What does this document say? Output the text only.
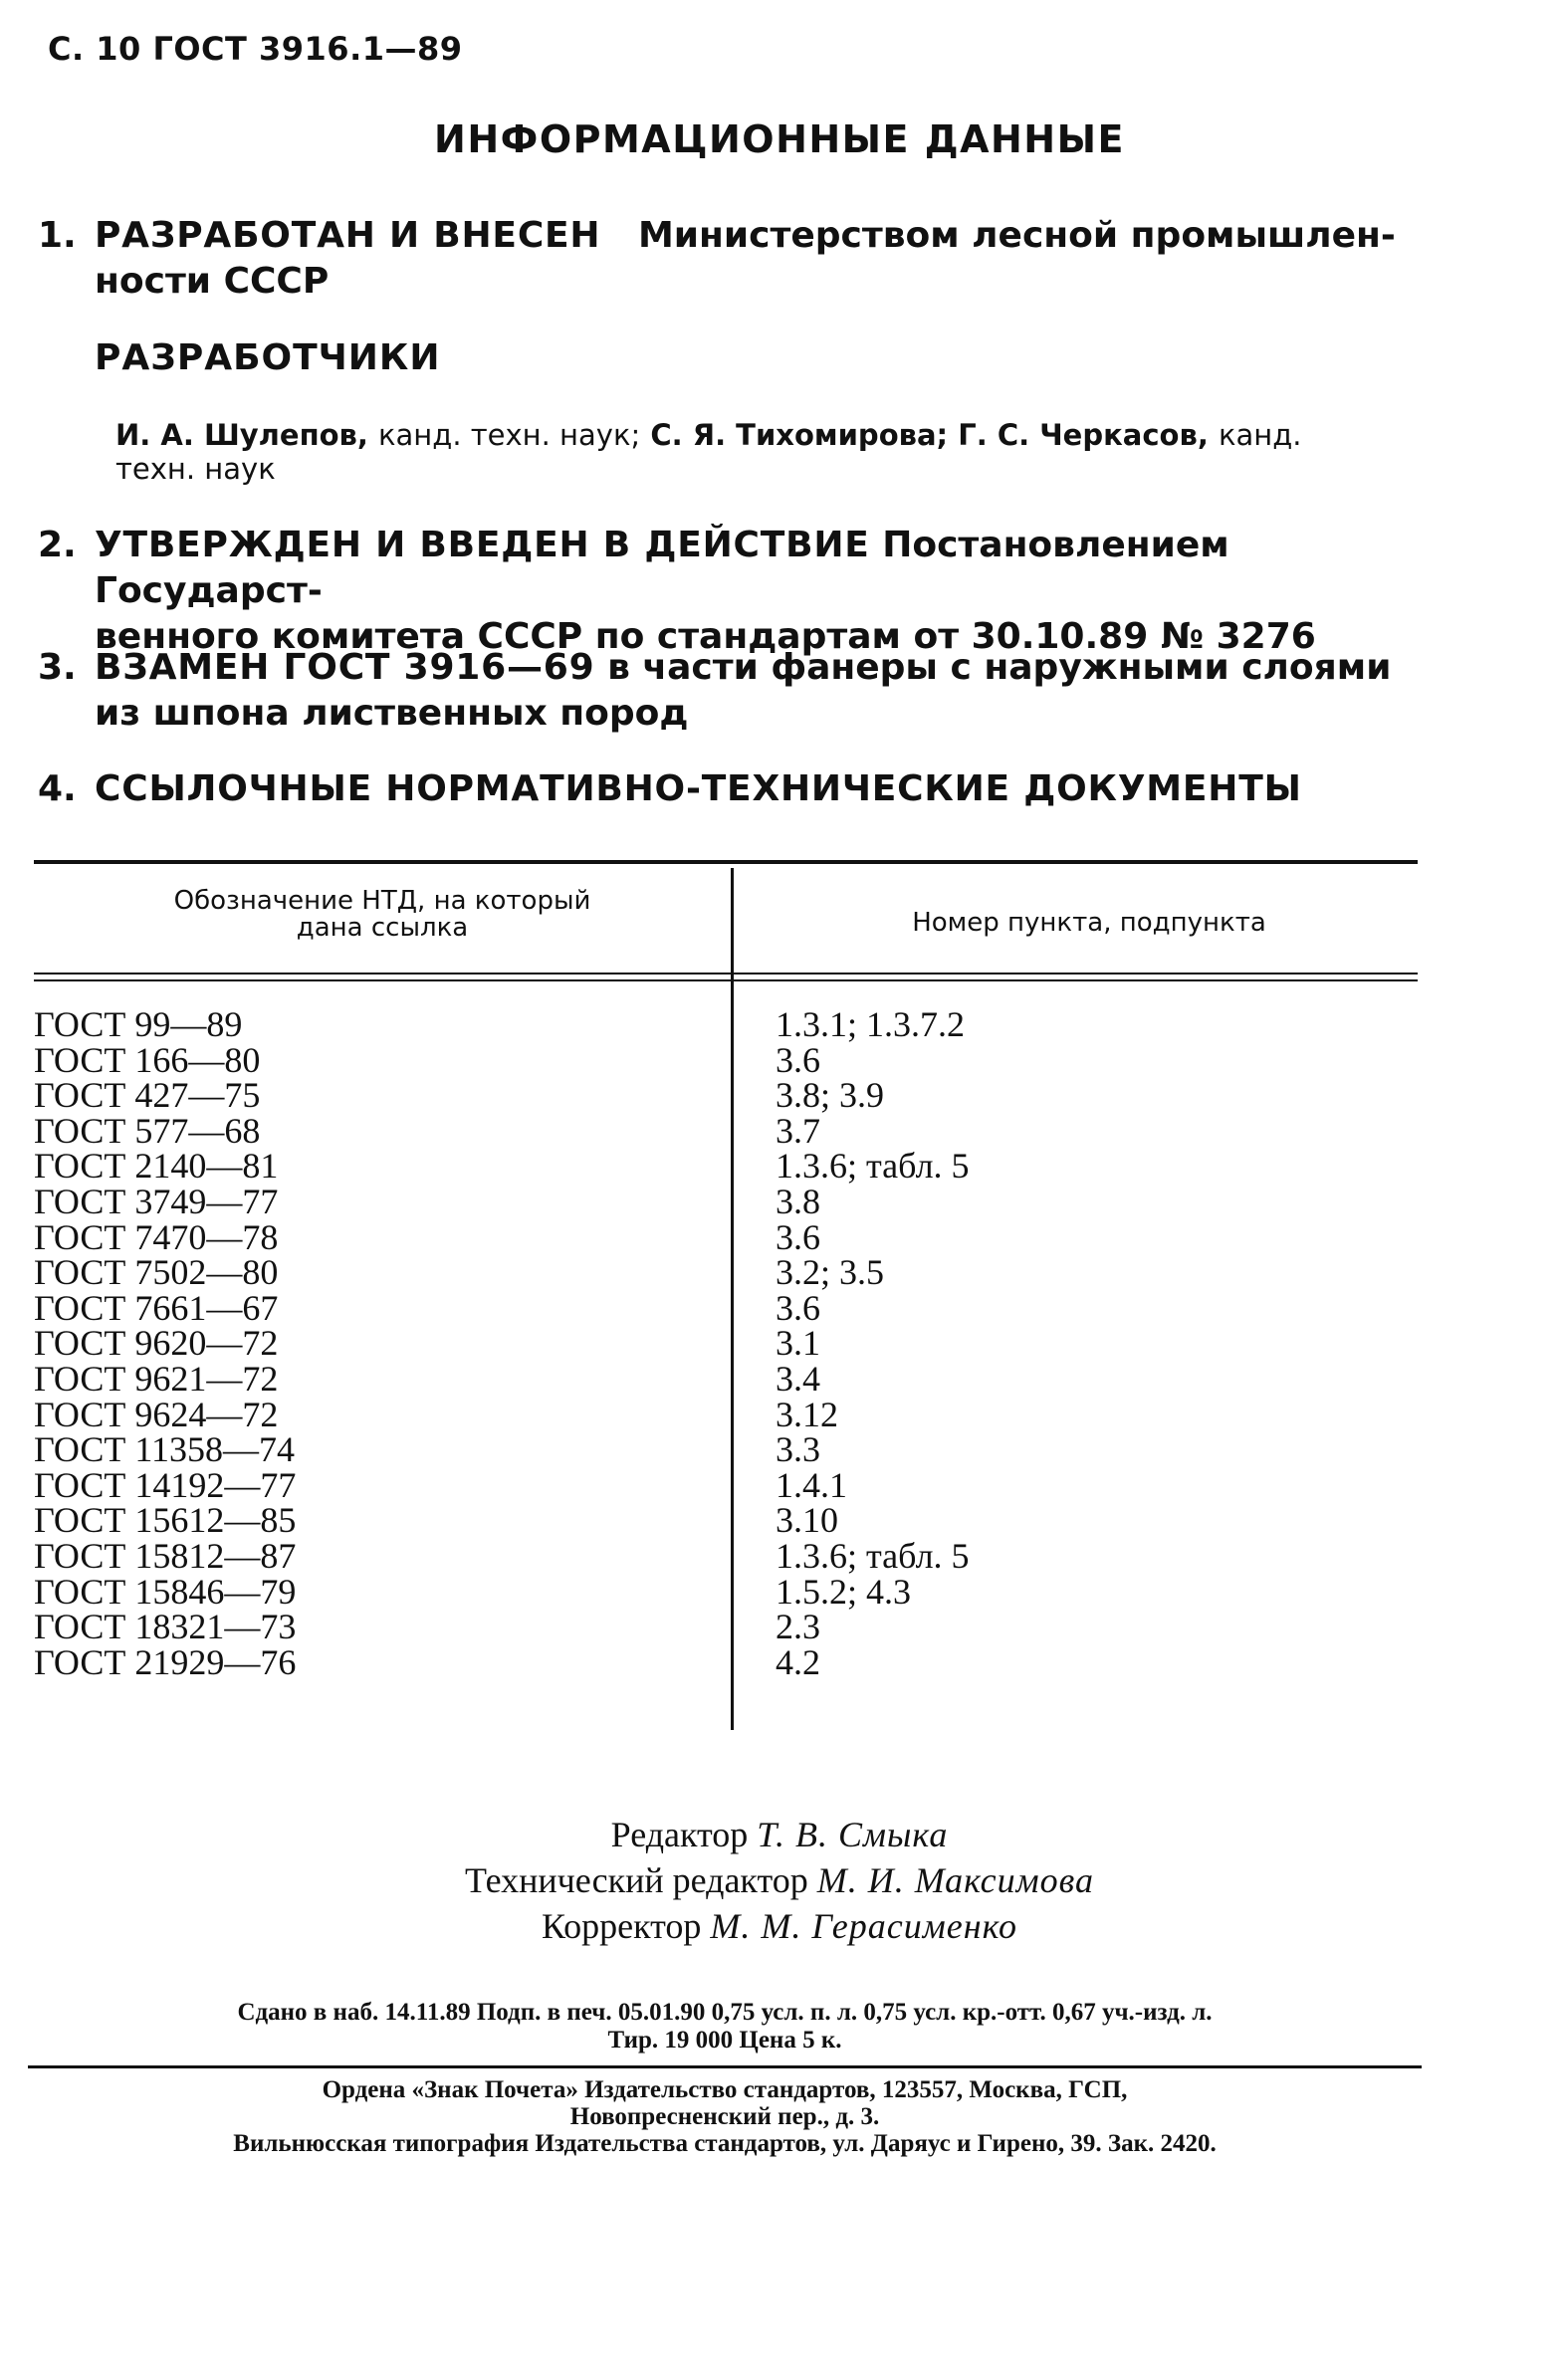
С. 10 ГОСТ 3916.1—89
ИНФОРМАЦИОННЫЕ ДАННЫЕ
1. РАЗРАБОТАН И ВНЕСЕН Министерством лесной промышлен-
ности СССР
РАЗРАБОТЧИКИ
И. А. Шулепов, канд. техн. наук; С. Я. Тихомирова; Г. С. Черкасов, канд.
техн. наук
2. УТВЕРЖДЕН И ВВЕДЕН В ДЕЙСТВИЕ Постановлением Государст-
венного комитета СССР по стандартам от 30.10.89 № 3276
3. ВЗАМЕН ГОСТ 3916—69 в части фанеры с наружными слоями
из шпона лиственных пород
4. ССЫЛОЧНЫЕ НОРМАТИВНО-ТЕХНИЧЕСКИЕ ДОКУМЕНТЫ
Обозначение НТД, на который
дана ссылка	Номер пункта, подпункта
ГОСТ 99—89	1.3.1; 1.3.7.2
ГОСТ 166—80	3.6
ГОСТ 427—75	3.8; 3.9
ГОСТ 577—68	3.7
ГОСТ 2140—81	1.3.6; табл. 5
ГОСТ 3749—77	3.8
ГОСТ 7470—78	3.6
ГОСТ 7502—80	3.2; 3.5
ГОСТ 7661—67	3.6
ГОСТ 9620—72	3.1
ГОСТ 9621—72	3.4
ГОСТ 9624—72	3.12
ГОСТ 11358—74	3.3
ГОСТ 14192—77	1.4.1
ГОСТ 15612—85	3.10
ГОСТ 15812—87	1.3.6; табл. 5
ГОСТ 15846—79	1.5.2; 4.3
ГОСТ 18321—73	2.3
ГОСТ 21929—76	4.2
Редактор Т. В. Смыка
Технический редактор М. И. Максимова
Корректор М. М. Герасименко
Сдано в наб. 14.11.89 Подп. в печ. 05.01.90 0,75 усл. п. л. 0,75 усл. кр.-отт. 0,67 уч.-изд. л.
Тир. 19 000 Цена 5 к.
Ордена «Знак Почета» Издательство стандартов, 123557, Москва, ГСП,
Новопресненский пер., д. 3.
Вильнюсская типография Издательства стандартов, ул. Даряус и Гирено, 39. Зак. 2420.
